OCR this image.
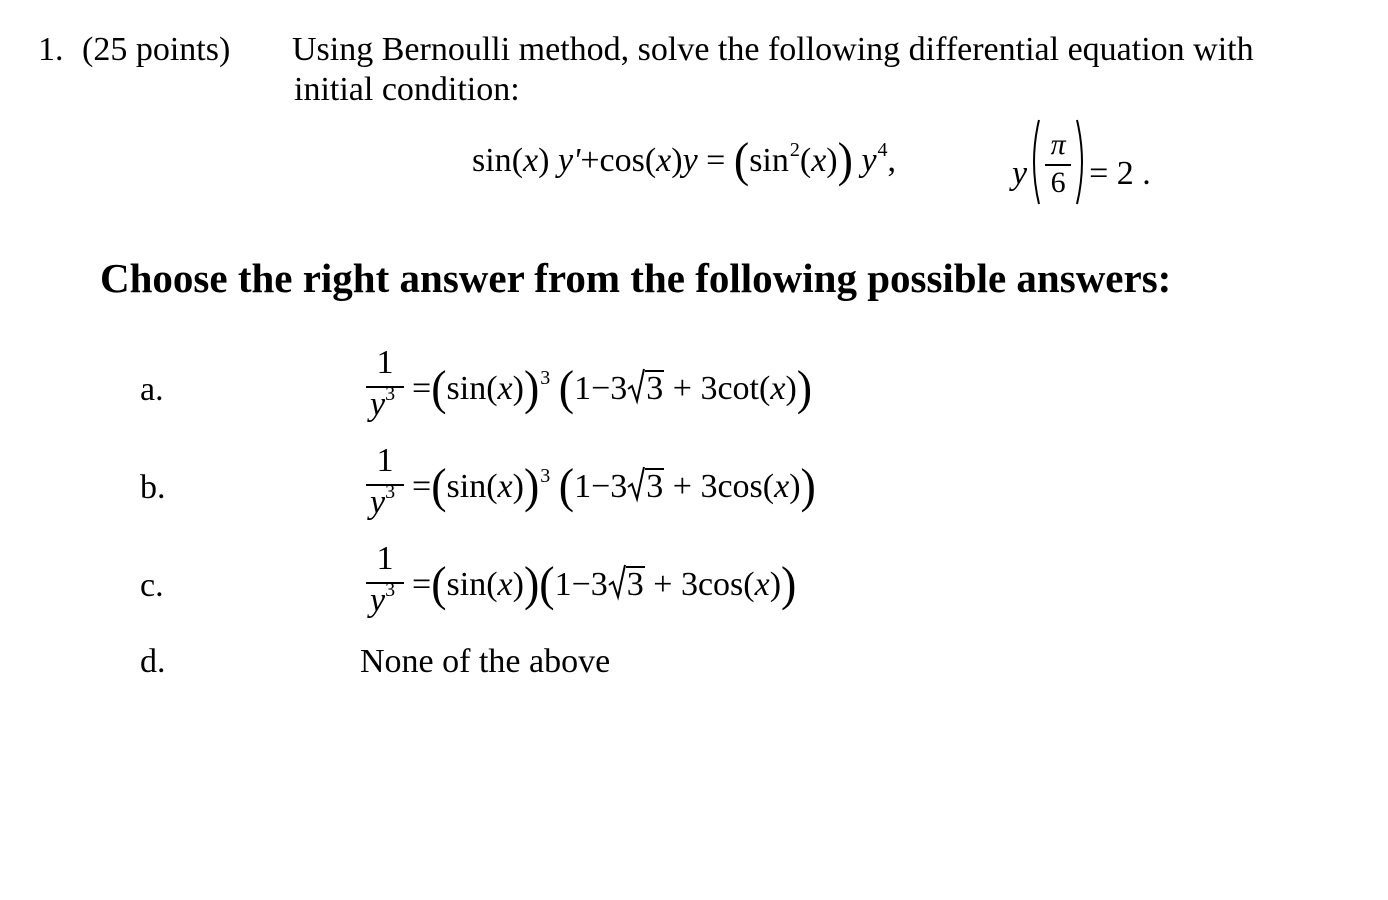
1. (25 points) Using Bernoulli method, solve the following differential equation with
initial condition:
sin(x) $y'+\cos(x)y = (\sin^2(x))$ $y^4$,	y $\frac{\pi}{6} = 2$ .
Choose the right answer from the following possible answers:
a.
1
$y^3 =(\sin(x))^3$ (1−3 3 + 3cot(x))
b.
1
$y^3 =(\sin(x))^3$ (1−3 3 + 3cos(x))
c.
1
$y^3 =(\sin(x))(1-3$ 3 + 3cos(x))
d.	None of the above
